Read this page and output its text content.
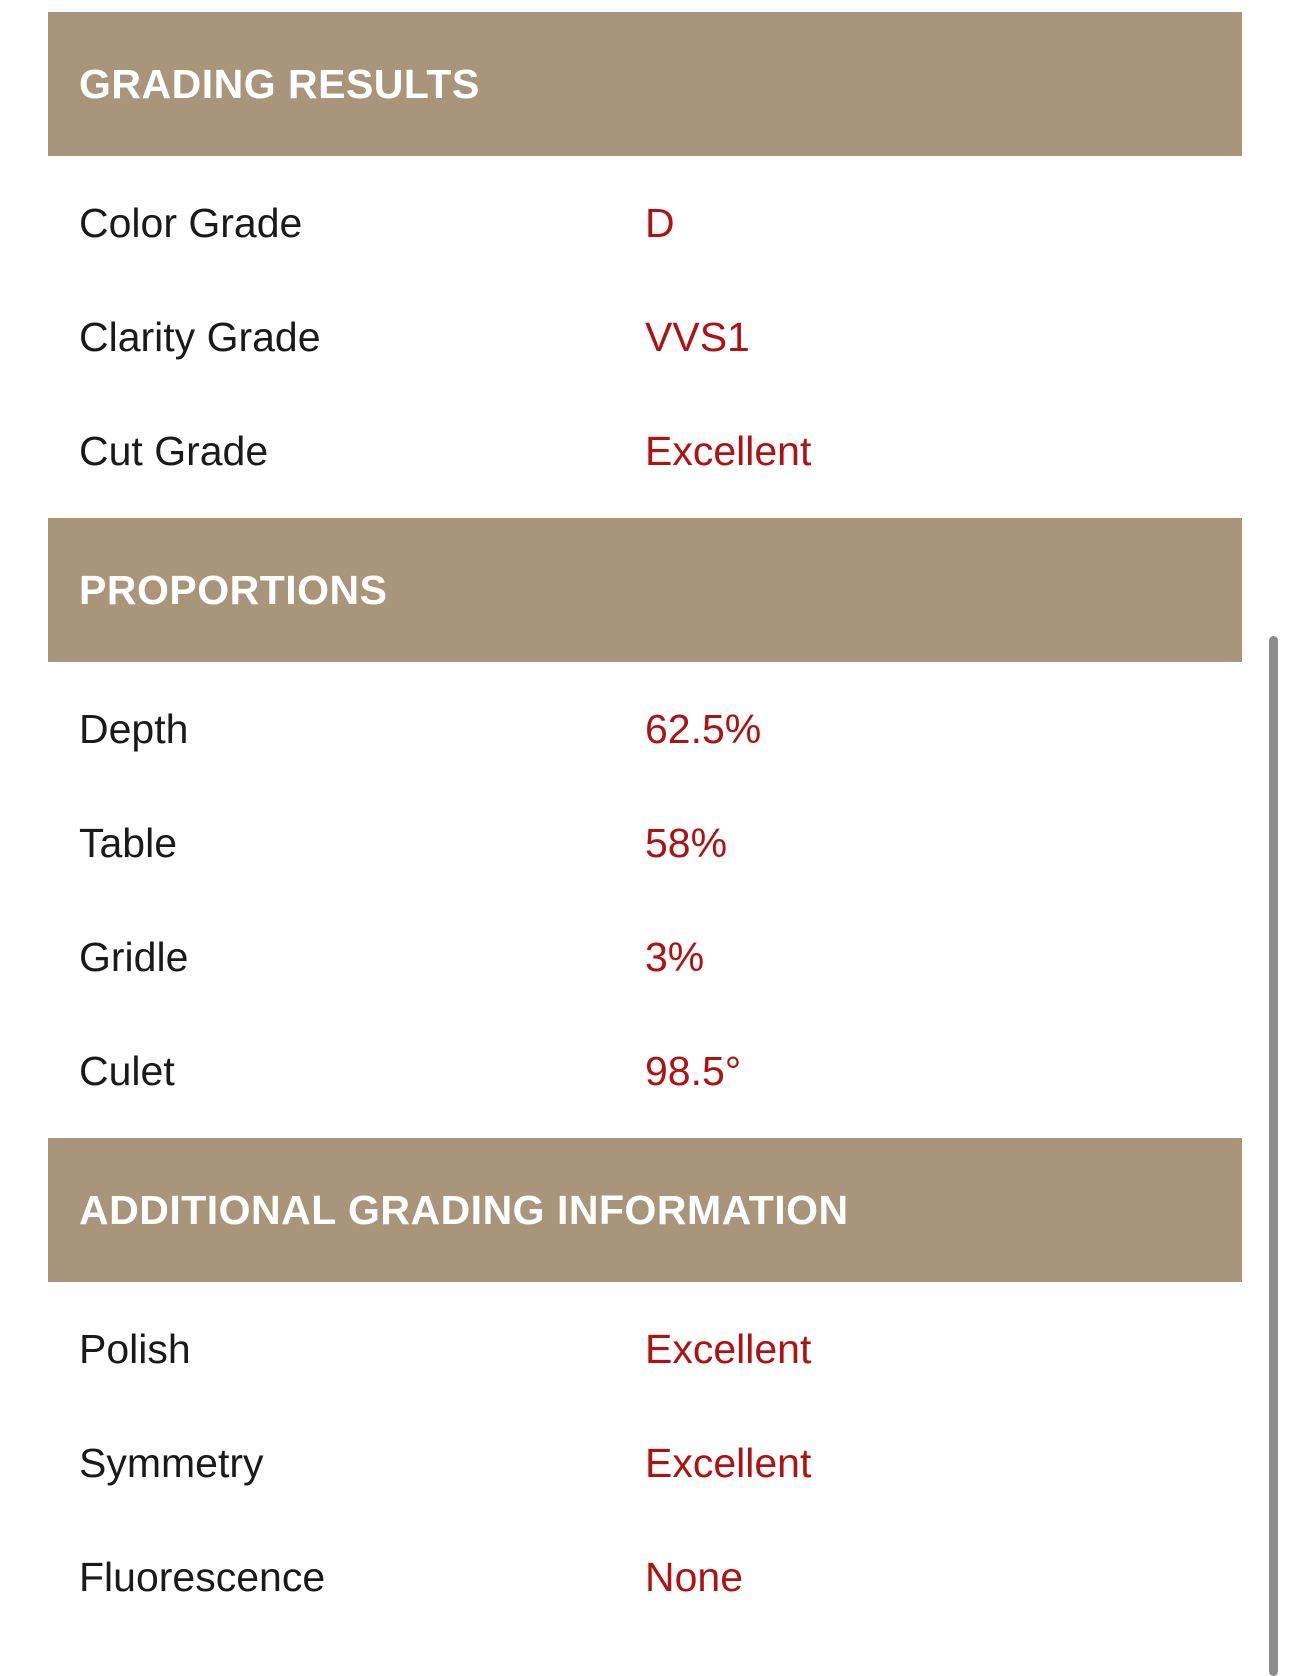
GRADING RESULTS
Color Grade	D
Clarity Grade	VVS1
Cut Grade	Excellent
PROPORTIONS
Depth	62.5%
Table	58%
Gridle	3%
Culet	98.5°
ADDITIONAL GRADING INFORMATION
Polish	Excellent
Symmetry	Excellent
Fluorescence	None
